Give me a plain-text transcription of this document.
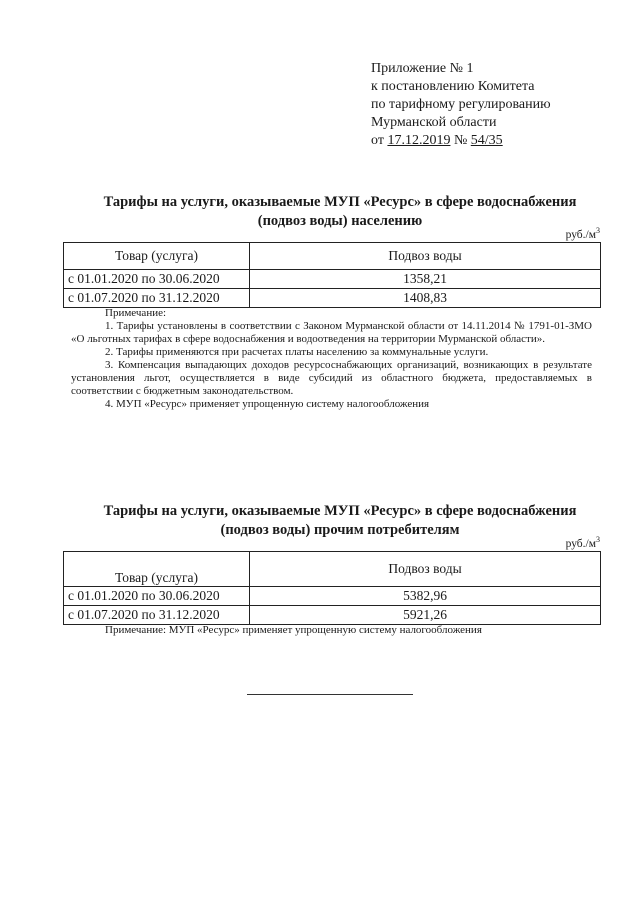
Приложение № 1
к постановлению Комитета
по тарифному регулированию
Мурманской области
от 17.12.2019 № 54/35
Тарифы на услуги, оказываемые МУП «Ресурс» в сфере водоснабжения
(подвоз воды) населению
$руб./м^3$
Товар (услуга)	Подвоз воды
с 01.01.2020 по 30.06.2020	1358,21
с 01.07.2020 по 31.12.2020	1408,83

Примечание:

1. Тарифы установлены в соответствии с Законом Мурманской области от 14.11.2014 № 1791-01-ЗМО «О льготных тарифах в сфере водоснабжения и водоотведения на территории Мурманской области».

2. Тарифы применяются при расчетах платы населению за коммунальные услуги.

3. Компенсация выпадающих доходов ресурсоснабжающих организаций, возникающих в результате установления льгот, осуществляется в виде субсидий из областного бюджета, предоставляемых в соответствии с бюджетным законодательством.

4. МУП «Ресурс» применяет упрощенную систему налогообложения

Тарифы на услуги, оказываемые МУП «Ресурс» в сфере водоснабжения
(подвоз воды) прочим потребителям
$руб./м^3$
Товар (услуга)	Подвоз воды
с 01.01.2020 по 30.06.2020	5382,96
с 01.07.2020 по 31.12.2020	5921,26

Примечание: МУП «Ресурс» применяет упрощенную систему налогообложения
